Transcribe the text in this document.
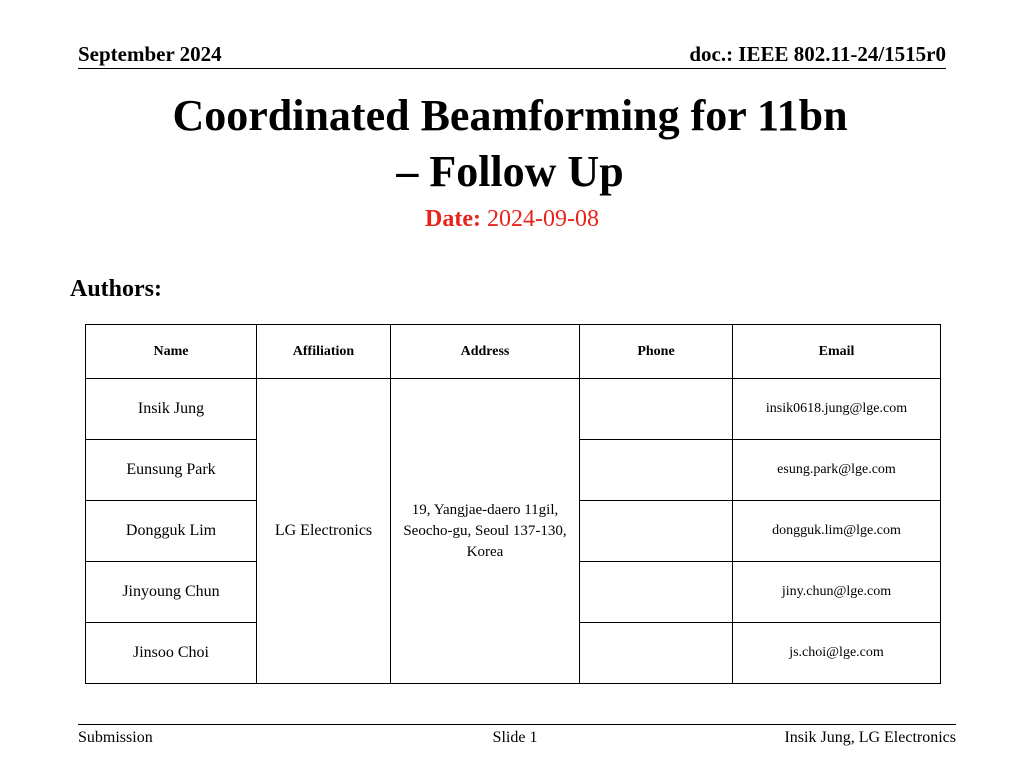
September 2024	doc.: IEEE 802.11-24/1515r0
Coordinated Beamforming for 11bn
– Follow Up
Date: 2024-09-08
Authors:
Name	Affiliation	Address	Phone	Email
Insik Jung	LG Electronics	19, Yangjae-daero 11gil, Seocho-gu, Seoul 137-130, Korea		insik0618.jung@lge.com
Eunsung Park				esung.park@lge.com
Dongguk Lim				dongguk.lim@lge.com
Jinyoung Chun				jiny.chun@lge.com
Jinsoo Choi				js.choi@lge.com
Submission	Slide 1	Insik Jung, LG Electronics
